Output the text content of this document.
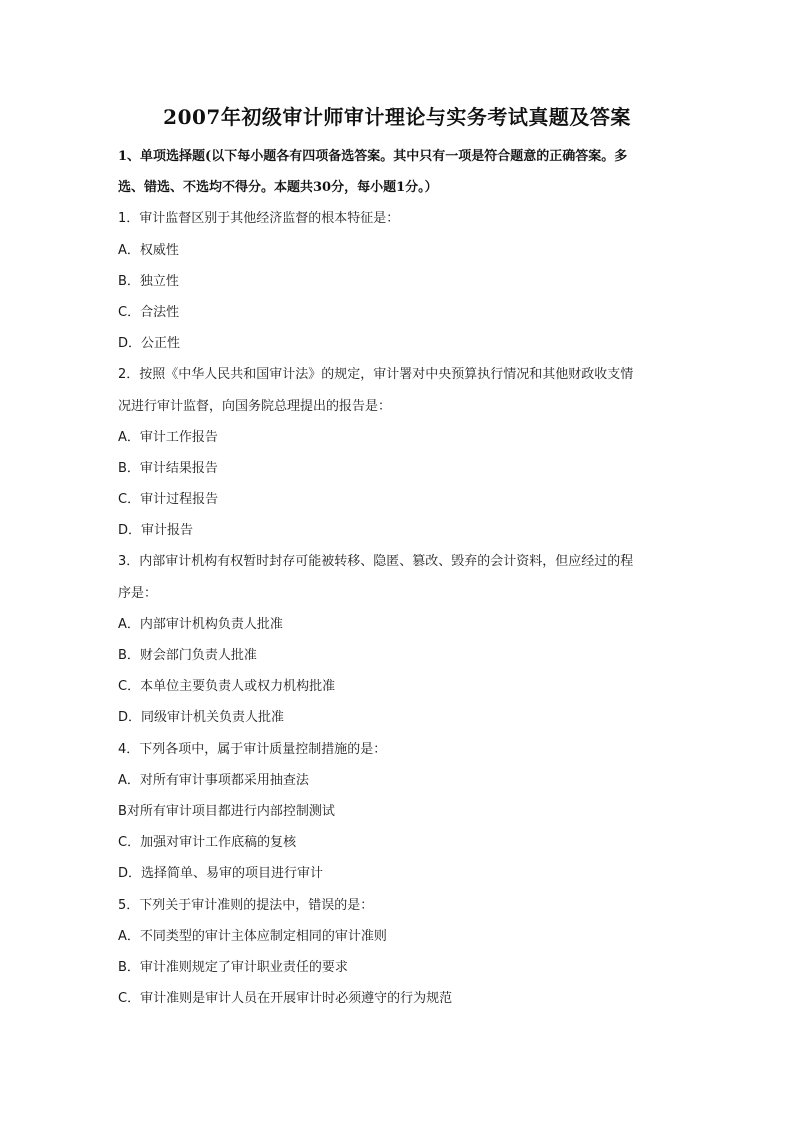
2007年初级审计师审计理论与实务考试真题及答案
1、单项选择题(以下每小题各有四项备选答案。其中只有一项是符合题意的正确答案。多
选、错选、不选均不得分。本题共30分，每小题1分。）
1．审计监督区别于其他经济监督的根本特征是：
A．权威性
B．独立性
C．合法性
D．公正性
2．按照《中华人民共和国审计法》的规定，审计署对中央预算执行情况和其他财政收支情
况进行审计监督，向国务院总理提出的报告是：
A．审计工作报告
B．审计结果报告
C．审计过程报告
D．审计报告
3．内部审计机构有权暂时封存可能被转移、隐匿、篡改、毁弃的会计资料，但应经过的程
序是：
A．内部审计机构负责人批准
B．财会部门负责人批准
C．本单位主要负责人或权力机构批准
D．同级审计机关负责人批准
4．下列各项中，属于审计质量控制措施的是：
A．对所有审计事项都采用抽查法
B对所有审计项目都进行内部控制测试
C．加强对审计工作底稿的复核
D．选择简单、易审的项目进行审计
5．下列关于审计准则的提法中，错误的是：
A．不同类型的审计主体应制定相同的审计准则
B．审计准则规定了审计职业责任的要求
C．审计准则是审计人员在开展审计时必须遵守的行为规范
